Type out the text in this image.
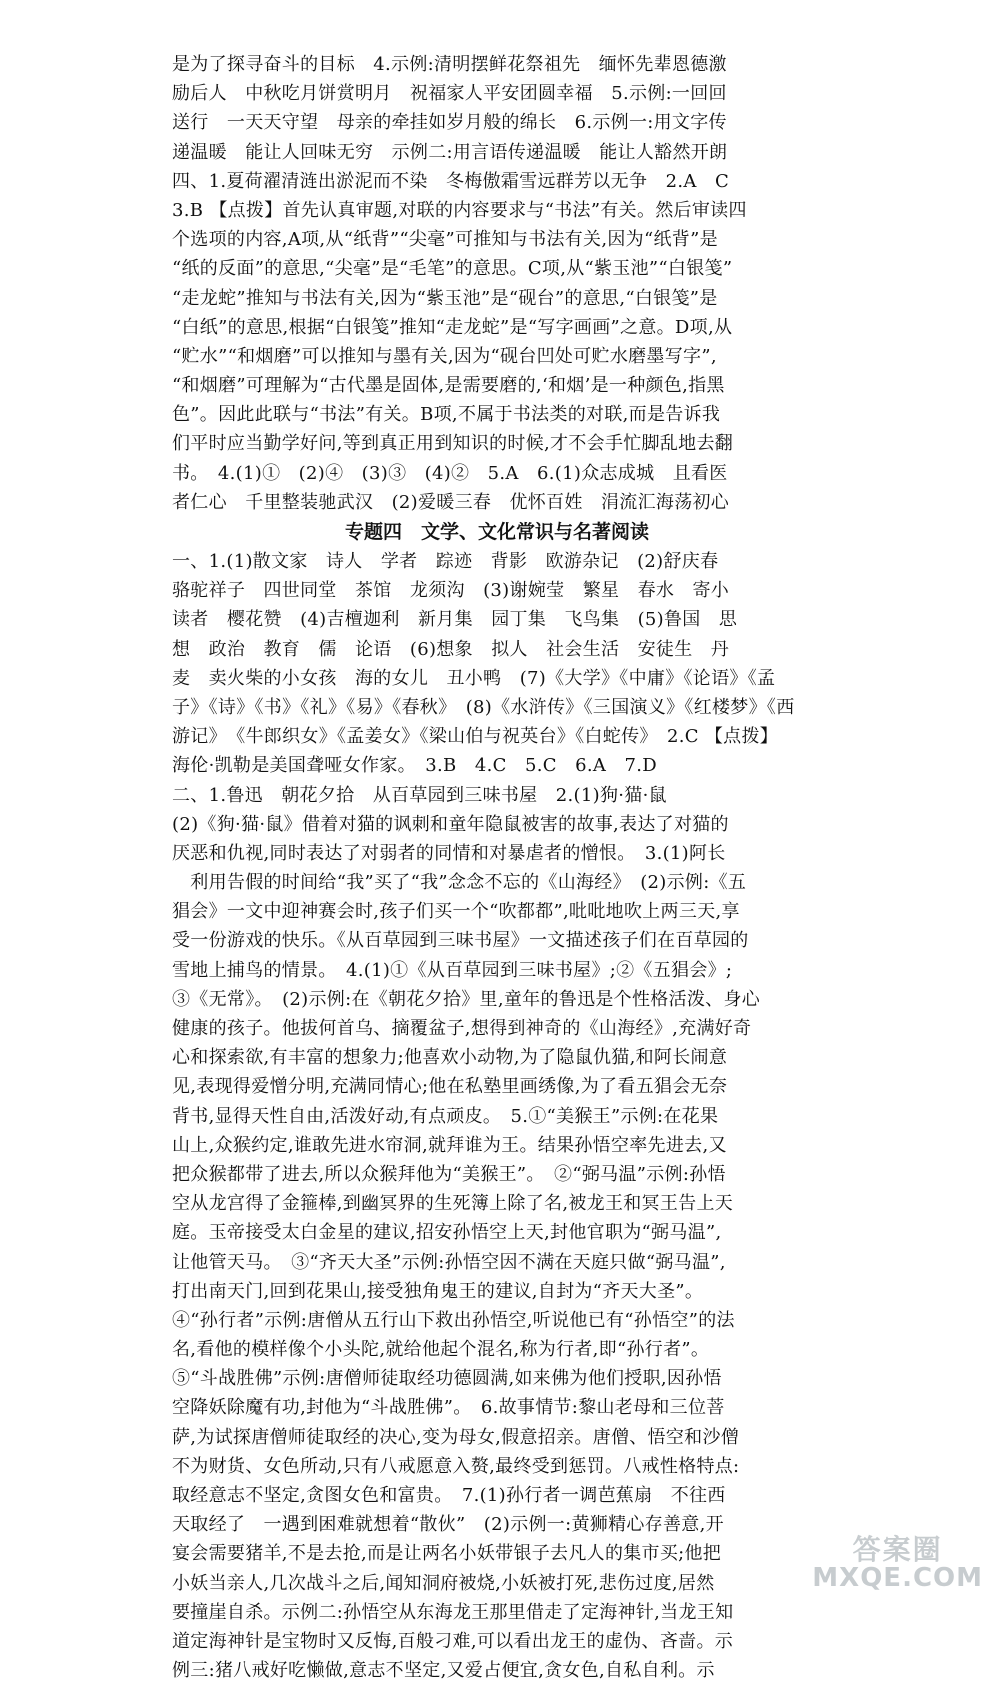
是为了探寻奋斗的目标　4.示例:清明摆鲜花祭祖先　缅怀先辈恩德激
励后人　中秋吃月饼赏明月　祝福家人平安团圆幸福　5.示例:一回回
送行　一天天守望　母亲的牵挂如岁月般的绵长　6.示例一:用文字传
递温暖　能让人回味无穷　示例二:用言语传递温暖　能让人豁然开朗
四、1.夏荷濯清涟出淤泥而不染　冬梅傲霜雪远群芳以无争　2.A　C
3.B 【点拨】首先认真审题,对联的内容要求与“书法”有关。然后审读四
个选项的内容,A项,从“纸背”“尖毫”可推知与书法有关,因为“纸背”是
“纸的反面”的意思,“尖毫”是“毛笔”的意思。C项,从“紫玉池”“白银笺”
“走龙蛇”推知与书法有关,因为“紫玉池”是“砚台”的意思,“白银笺”是
“白纸”的意思,根据“白银笺”推知“走龙蛇”是“写字画画”之意。D项,从
“贮水”“和烟磨”可以推知与墨有关,因为“砚台凹处可贮水磨墨写字”,
“和烟磨”可理解为“古代墨是固体,是需要磨的,‘和烟’是一种颜色,指黑
色”。因此此联与“书法”有关。B项,不属于书法类的对联,而是告诉我
们平时应当勤学好问,等到真正用到知识的时候,才不会手忙脚乱地去翻
书。　4.(1)①　(2)④　(3)③　(4)②　5.A　6.(1)众志成城　且看医
者仁心　千里整装驰武汉　(2)爱暖三春　优怀百姓　涓流汇海荡初心
专题四　文学、文化常识与名著阅读
一、1.(1)散文家　诗人　学者　踪迹　背影　欧游杂记　(2)舒庆春
骆驼祥子　四世同堂　茶馆　龙须沟　(3)谢婉莹　繁星　春水　寄小
读者　樱花赞　(4)吉檀迦利　新月集　园丁集　飞鸟集　(5)鲁国　思
想　政治　教育　儒　论语　(6)想象　拟人　社会生活　安徒生　丹
麦　卖火柴的小女孩　海的女儿　丑小鸭　(7)《大学》《中庸》《论语》《孟
子》《诗》《书》《礼》《易》《春秋》　(8)《水浒传》《三国演义》《红楼梦》《西
游记》　《牛郎织女》《孟姜女》《梁山伯与祝英台》《白蛇传》　2.C 【点拨】
海伦·凯勒是美国聋哑女作家。　3.B　4.C　5.C　6.A　7.D
二、1.鲁迅　朝花夕拾　从百草园到三味书屋　2.(1)狗·猫·鼠
(2)《狗·猫·鼠》借着对猫的讽刺和童年隐鼠被害的故事,表达了对猫的
厌恶和仇视,同时表达了对弱者的同情和对暴虐者的憎恨。　3.(1)阿长
　利用告假的时间给“我”买了“我”念念不忘的《山海经》　(2)示例:《五
猖会》一文中迎神赛会时,孩子们买一个“吹都都”,吡吡地吹上两三天,享
受一份游戏的快乐。《从百草园到三味书屋》一文描述孩子们在百草园的
雪地上捕鸟的情景。　4.(1)①《从百草园到三味书屋》;②《五猖会》;
③《无常》。　(2)示例:在《朝花夕拾》里,童年的鲁迅是个性格活泼、身心
健康的孩子。他拔何首乌、摘覆盆子,想得到神奇的《山海经》,充满好奇
心和探索欲,有丰富的想象力;他喜欢小动物,为了隐鼠仇猫,和阿长闹意
见,表现得爱憎分明,充满同情心;他在私塾里画绣像,为了看五猖会无奈
背书,显得天性自由,活泼好动,有点顽皮。　5.①“美猴王”示例:在花果
山上,众猴约定,谁敢先进水帘洞,就拜谁为王。结果孙悟空率先进去,又
把众猴都带了进去,所以众猴拜他为“美猴王”。　②“弼马温”示例:孙悟
空从龙宫得了金箍棒,到幽冥界的生死簿上除了名,被龙王和冥王告上天
庭。玉帝接受太白金星的建议,招安孙悟空上天,封他官职为“弼马温”,
让他管天马。　③“齐天大圣”示例:孙悟空因不满在天庭只做“弼马温”,
打出南天门,回到花果山,接受独角鬼王的建议,自封为“齐天大圣”。
④“孙行者”示例:唐僧从五行山下救出孙悟空,听说他已有“孙悟空”的法
名,看他的模样像个小头陀,就给他起个混名,称为行者,即“孙行者”。
⑤“斗战胜佛”示例:唐僧师徒取经功德圆满,如来佛为他们授职,因孙悟
空降妖除魔有功,封他为“斗战胜佛”。　6.故事情节:黎山老母和三位菩
萨,为试探唐僧师徒取经的决心,变为母女,假意招亲。唐僧、悟空和沙僧
不为财货、女色所动,只有八戒愿意入赘,最终受到惩罚。八戒性格特点:
取经意志不坚定,贪图女色和富贵。　7.(1)孙行者一调芭蕉扇　不往西
天取经了　一遇到困难就想着“散伙”　(2)示例一:黄狮精心存善意,开
宴会需要猪羊,不是去抢,而是让两名小妖带银子去凡人的集市买;他把
小妖当亲人,几次战斗之后,闻知洞府被烧,小妖被打死,悲伤过度,居然
要撞崖自杀。示例二:孙悟空从东海龙王那里借走了定海神针,当龙王知
道定海神针是宝物时又反悔,百般刁难,可以看出龙王的虚伪、吝啬。示
例三:猪八戒好吃懒做,意志不坚定,又爱占便宜,贪女色,自私自利。示
答案圈
MXQE.COM
